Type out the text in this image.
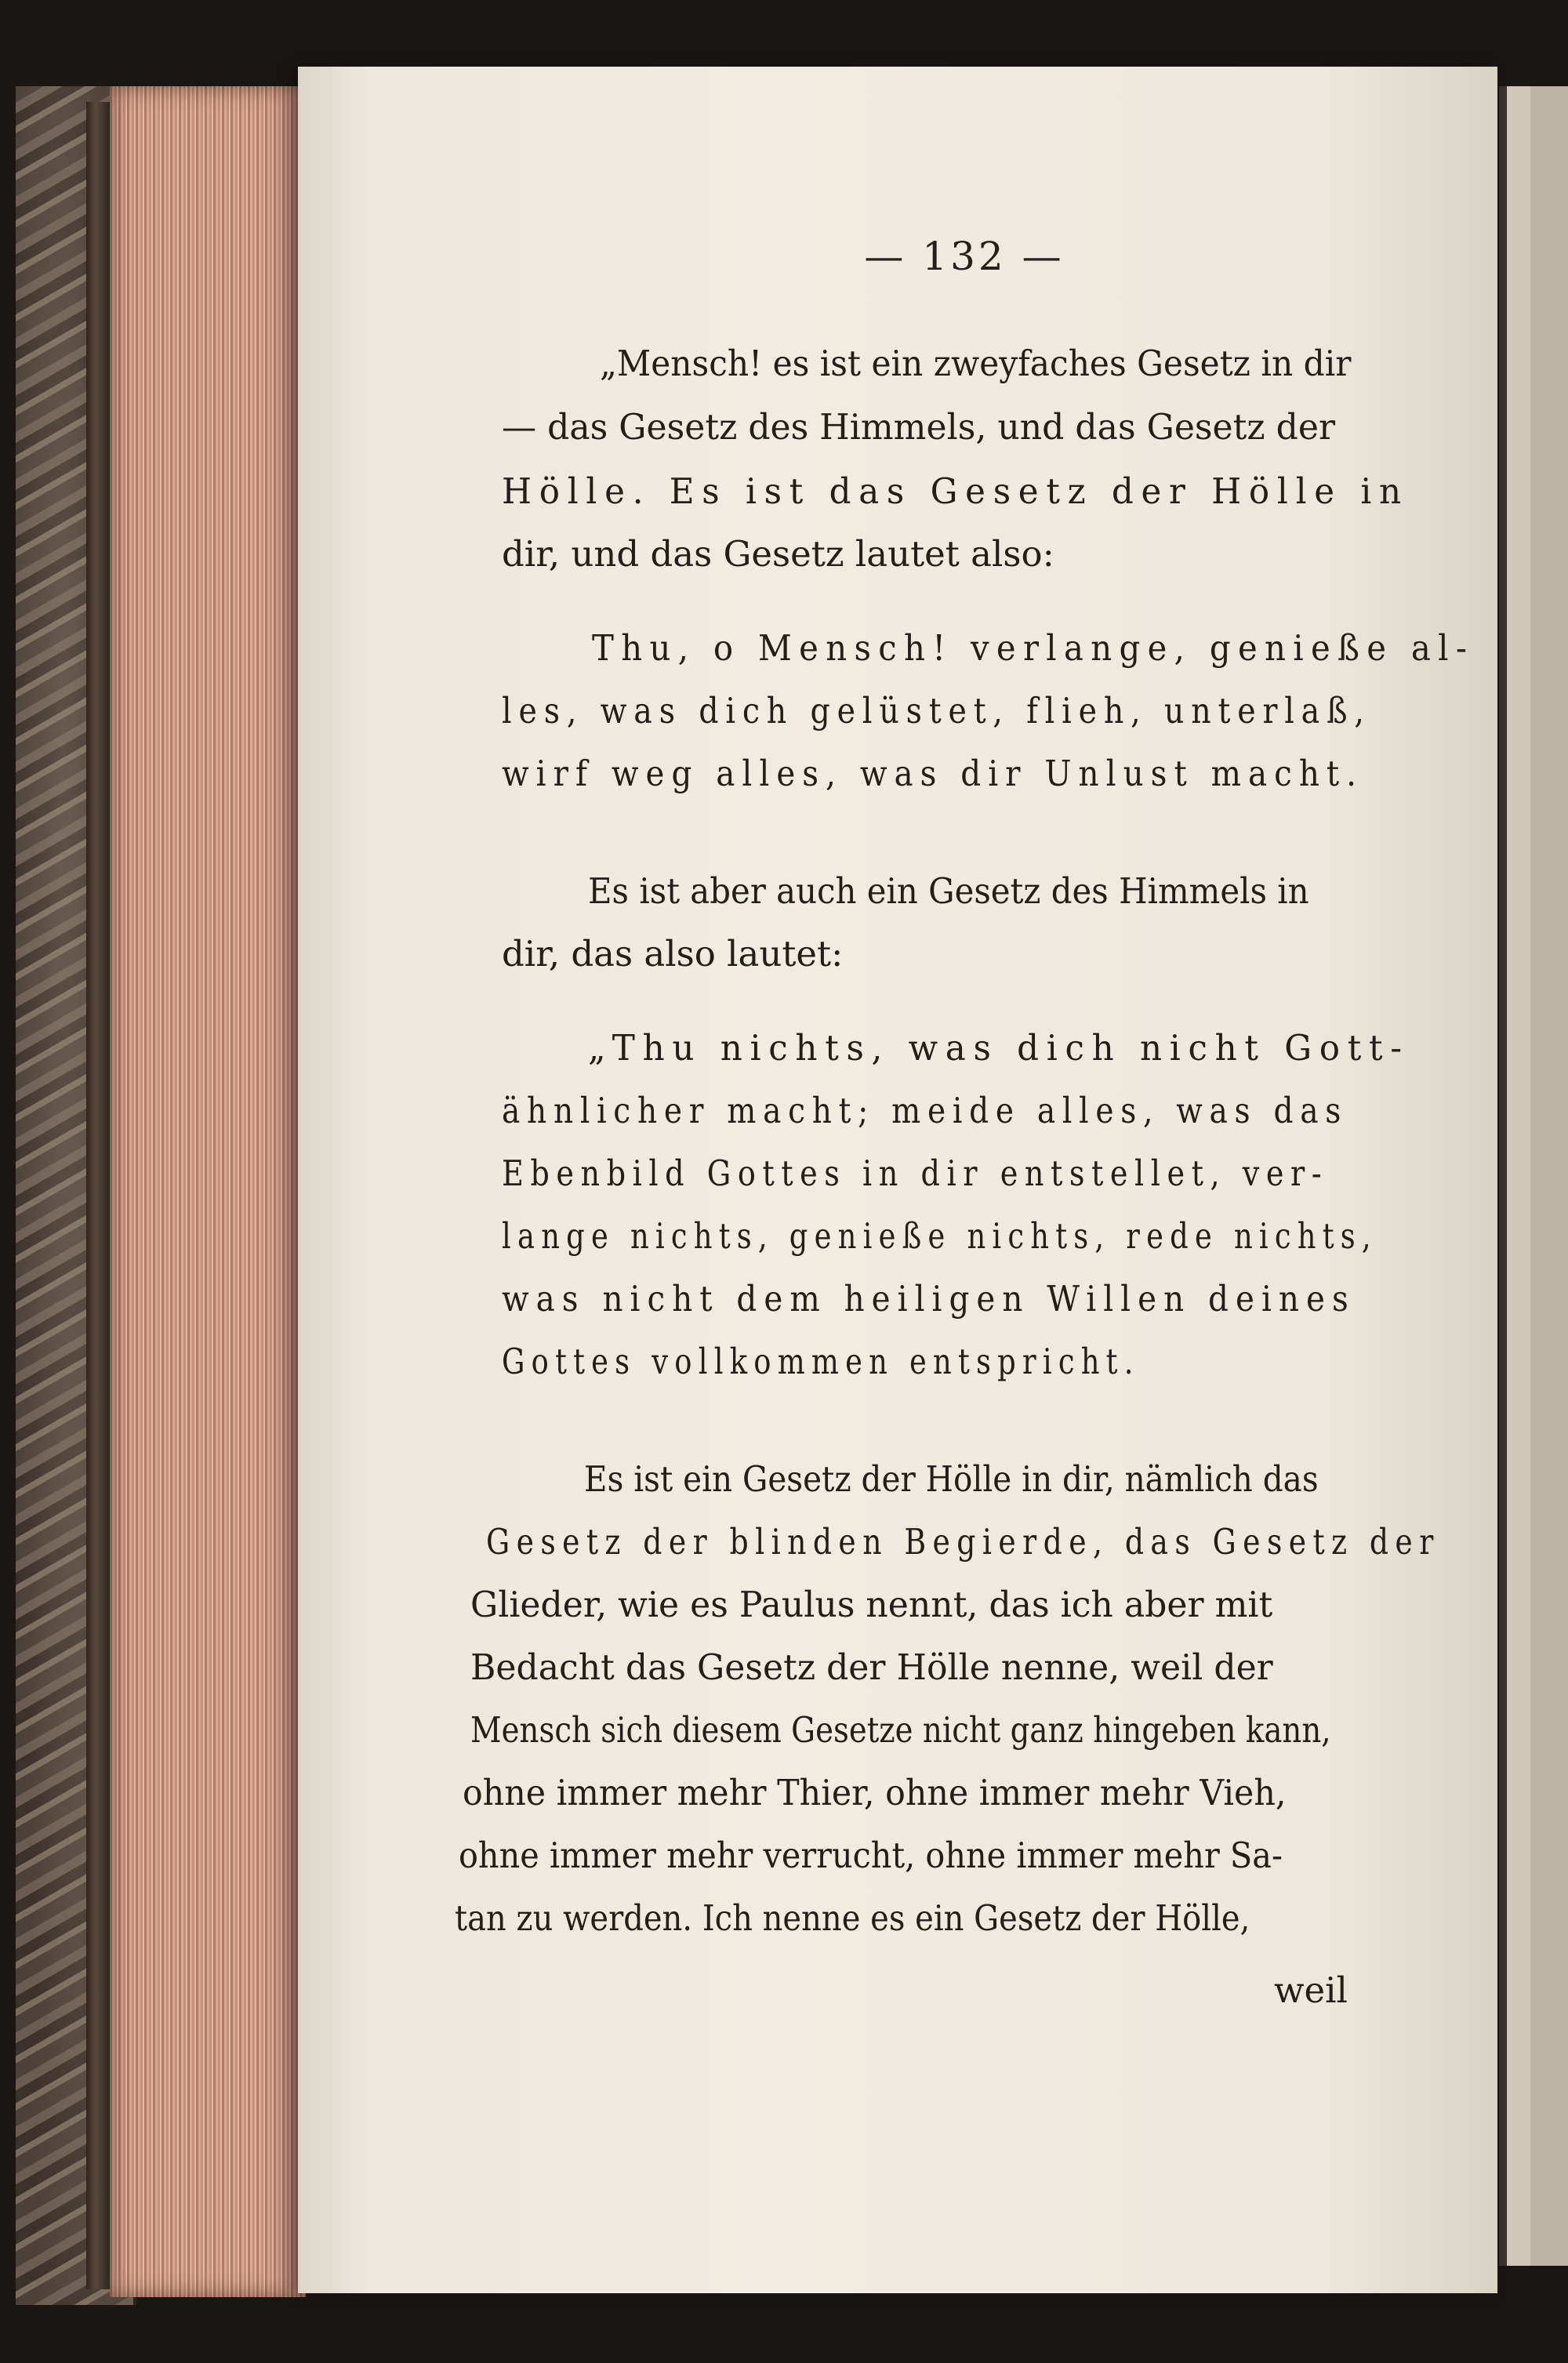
— 132 —

„Mensch! es ist ein zweyfaches Gesetz in dir

— das Gesetz des Himmels, und das Gesetz der

Hölle. Es ist das Gesetz der Hölle in

dir, und das Gesetz lautet also:

Thu, o Mensch! verlange, genieße al-

les, was dich gelüstet, flieh, unterlaß,

wirf weg alles, was dir Unlust macht.

Es ist aber auch ein Gesetz des Himmels in

dir, das also lautet:

„Thu nichts, was dich nicht Gott-

ähnlicher macht; meide alles, was das

Ebenbild Gottes in dir entstellet, ver-

lange nichts, genieße nichts, rede nichts,

was nicht dem heiligen Willen deines

Gottes vollkommen entspricht.

Es ist ein Gesetz der Hölle in dir, nämlich das

Gesetz der blinden Begierde, das Gesetz der

Glieder, wie es Paulus nennt, das ich aber mit

Bedacht das Gesetz der Hölle nenne, weil der

Mensch sich diesem Gesetze nicht ganz hingeben kann,

ohne immer mehr Thier, ohne immer mehr Vieh,

ohne immer mehr verrucht, ohne immer mehr Sa-

tan zu werden. Ich nenne es ein Gesetz der Hölle,

weil
